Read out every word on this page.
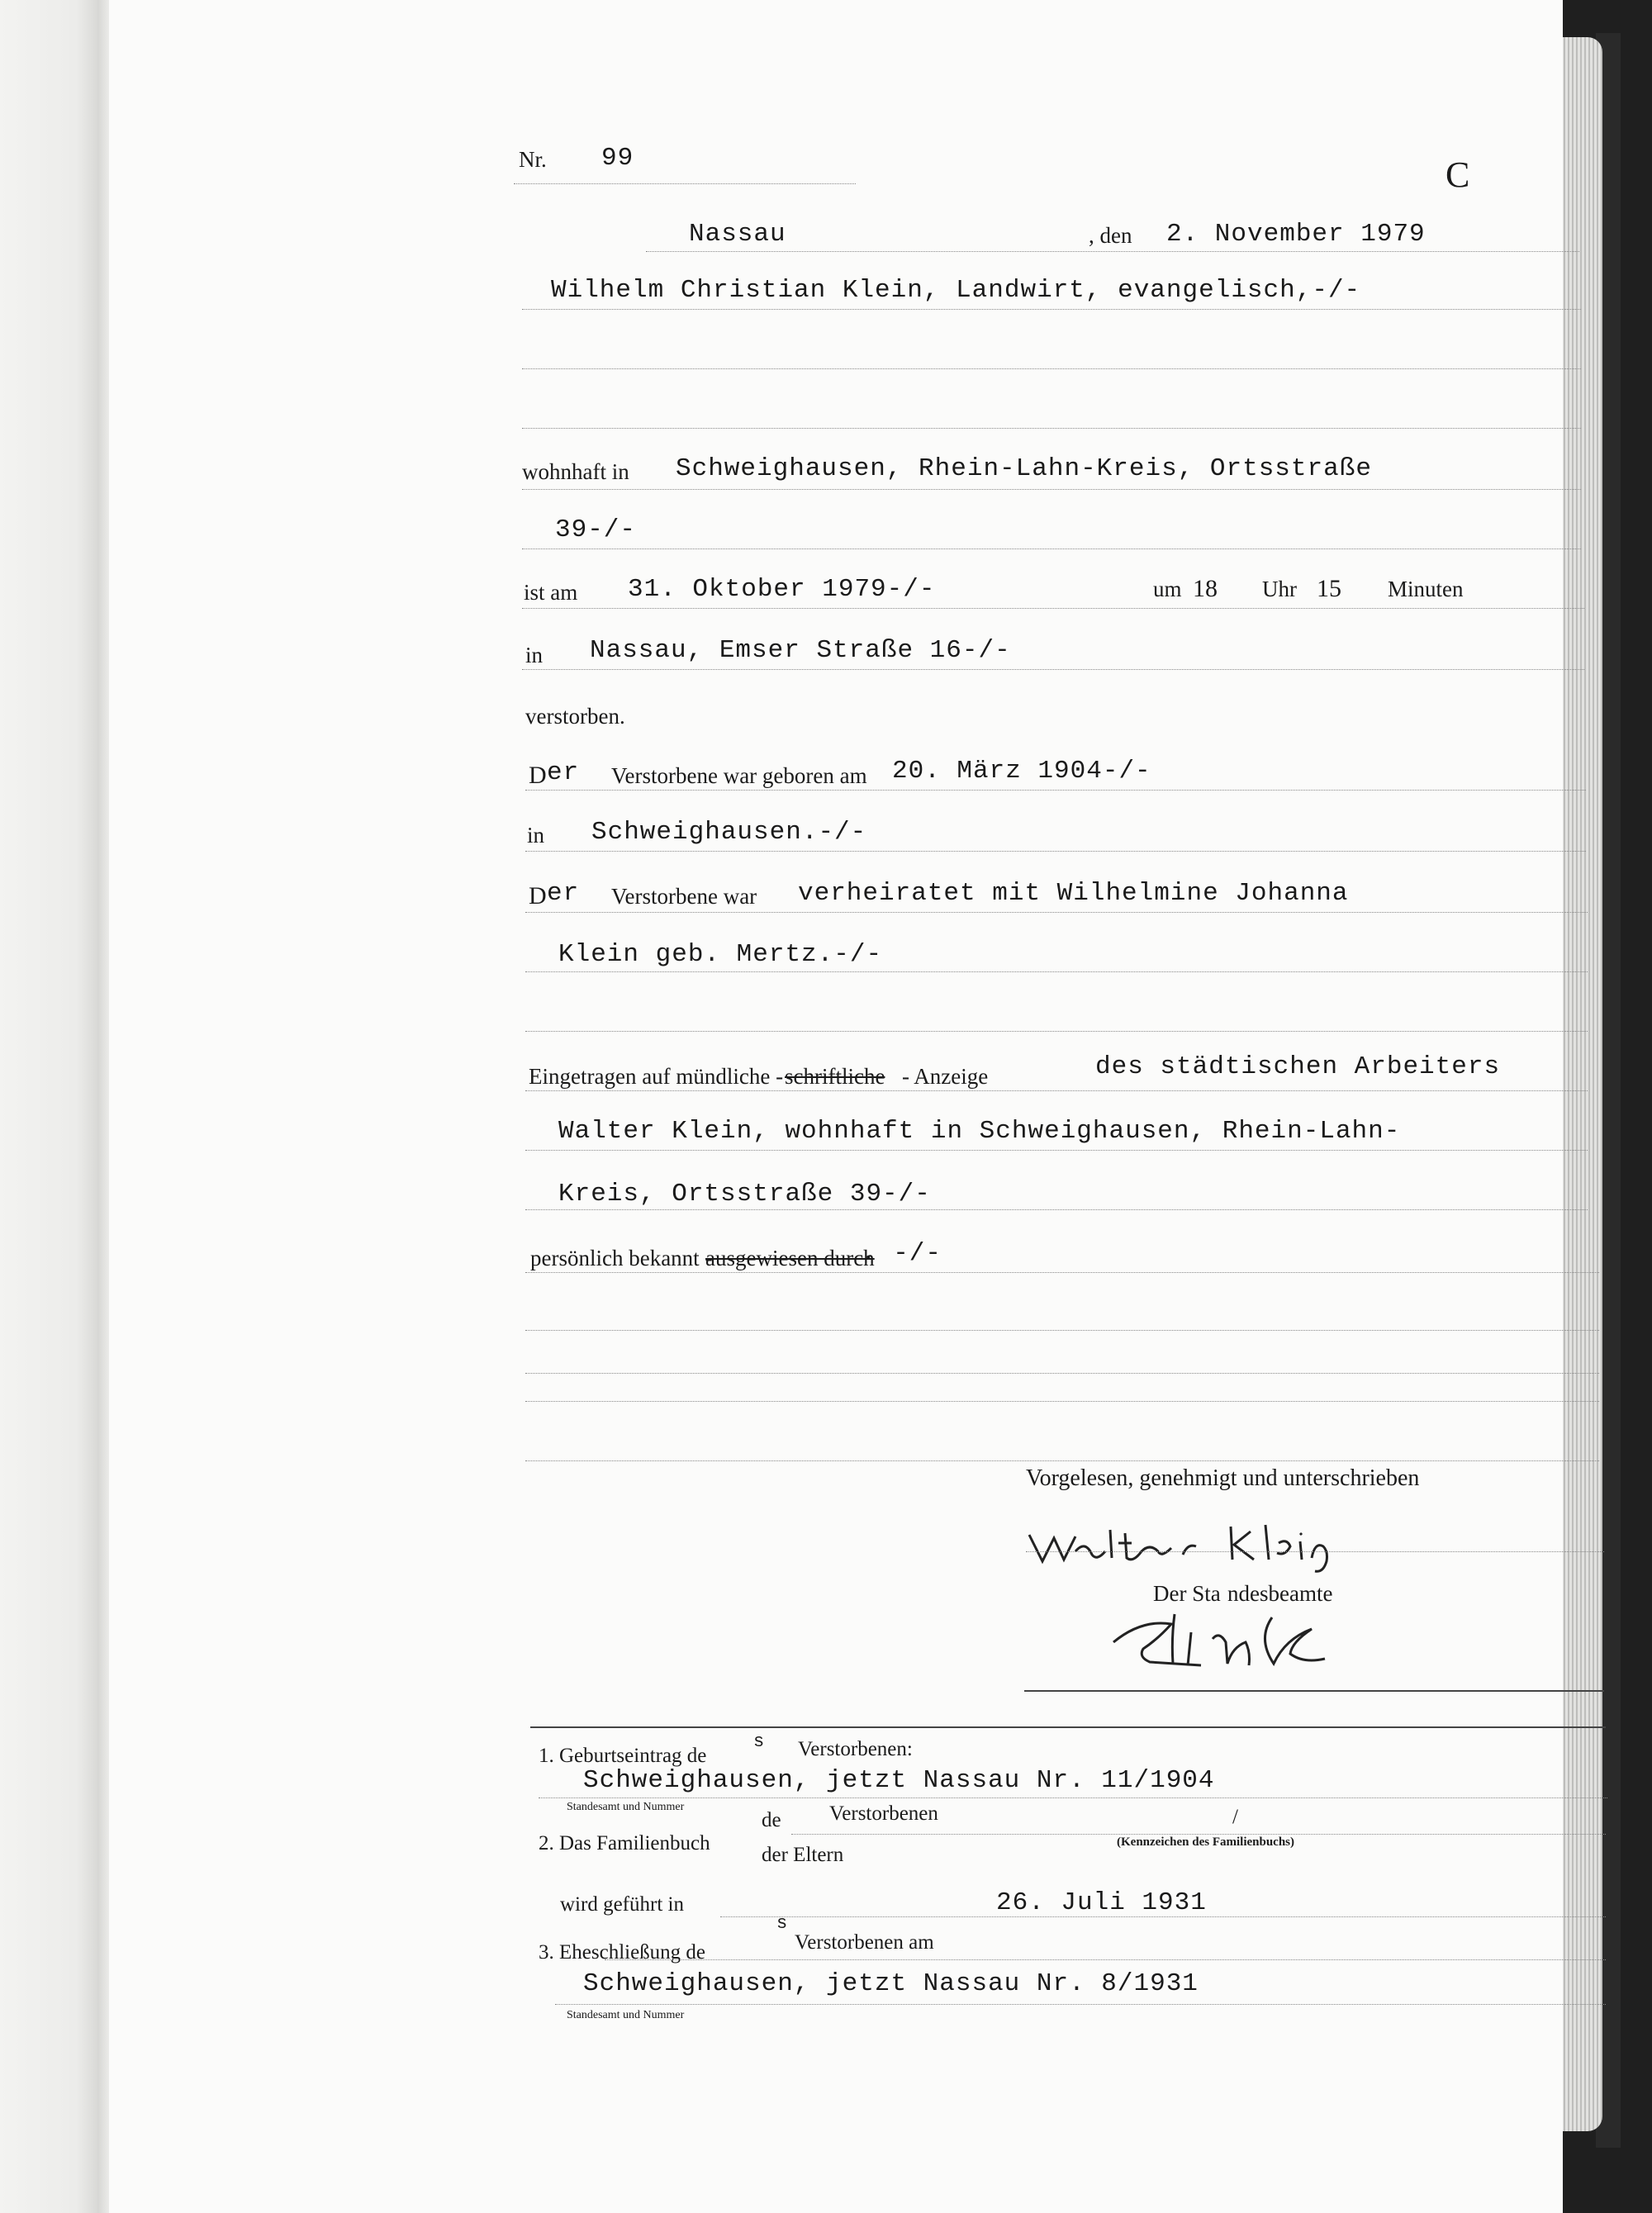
Nr. 99	C
Nassau	, den 2. November 1979
Wilhelm Christian Klein, Landwirt, evangelisch,-/-
wohnhaft in Schweighausen, Rhein-Lahn-Kreis, Ortsstraße
39-/-
ist am 31. Oktober 1979-/-	um 18 Uhr 15 Minuten
in Nassau, Emser Straße 16-/-
verstorben.
D er Verstorbene war geboren am 20. März 1904-/-
in Schweighausen.-/-
D er Verstorbene war verheiratet mit Wilhelmine Johanna
Klein geb. Mertz.-/-
Eingetragen auf mündliche - schriftliche - Anzeige	des städtischen Arbeiters
Walter Klein, wohnhaft in Schweighausen, Rhein-Lahn-
Kreis, Ortsstraße 39-/-
persönlich bekannt -
ausgewiesen durch
. -/-
Vorgelesen, genehmigt und unterschrieben
Der Sta ndesbeamte
1. Geburtseintrag de
s Verstorbenen:
Schweighausen, jetzt Nassau Nr. 11/1904
Standesamt und Nummer
2. Das Familienbuch
de Verstorbenen	/
der Eltern
(Kennzeichen des Familienbuchs)
wird geführt in	26. Juli 1931
3. Eheschließung de
s
Verstorbenen am
Schweighausen, jetzt Nassau Nr. 8/1931
Standesamt und Nummer
